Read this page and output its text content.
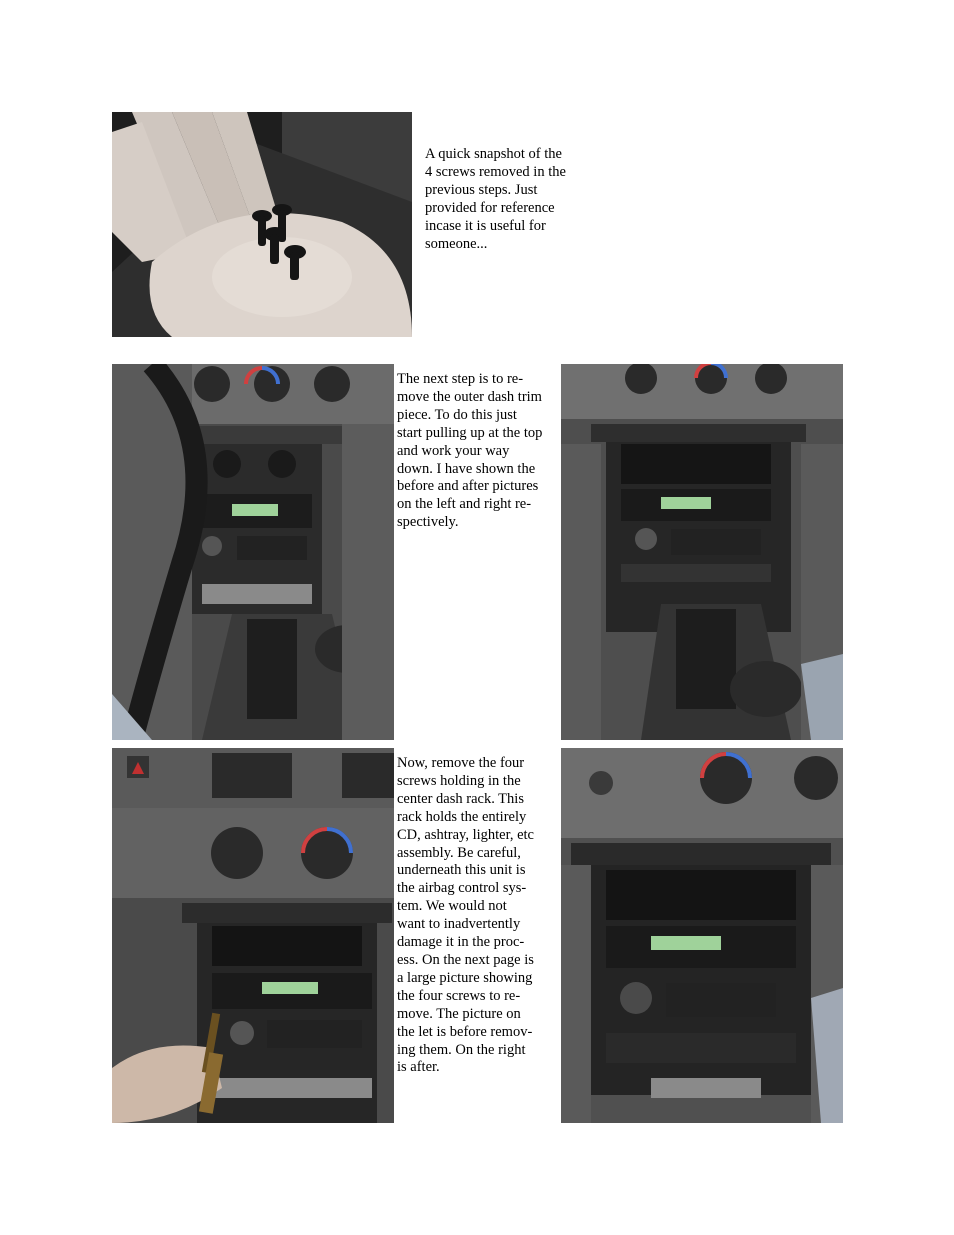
A quick snapshot of the
4 screws removed in the
previous steps. Just
provided for reference
incase it is useful for
someone...

The next step is to re-
move the outer dash trim
piece. To do this just
start pulling up at the top
and work your way
down. I have shown the
before and after pictures
on the left and right re-
spectively.

Now, remove the four
screws holding in the
center dash rack. This
rack holds the entirely
CD, ashtray, lighter, etc
assembly. Be careful,
underneath this unit is
the airbag control sys-
tem. We would not
want to inadvertently
damage it in the proc-
ess. On the next page is
a large picture showing
the four screws to re-
move. The picture on
the let is before remov-
ing them. On the right
is after.
